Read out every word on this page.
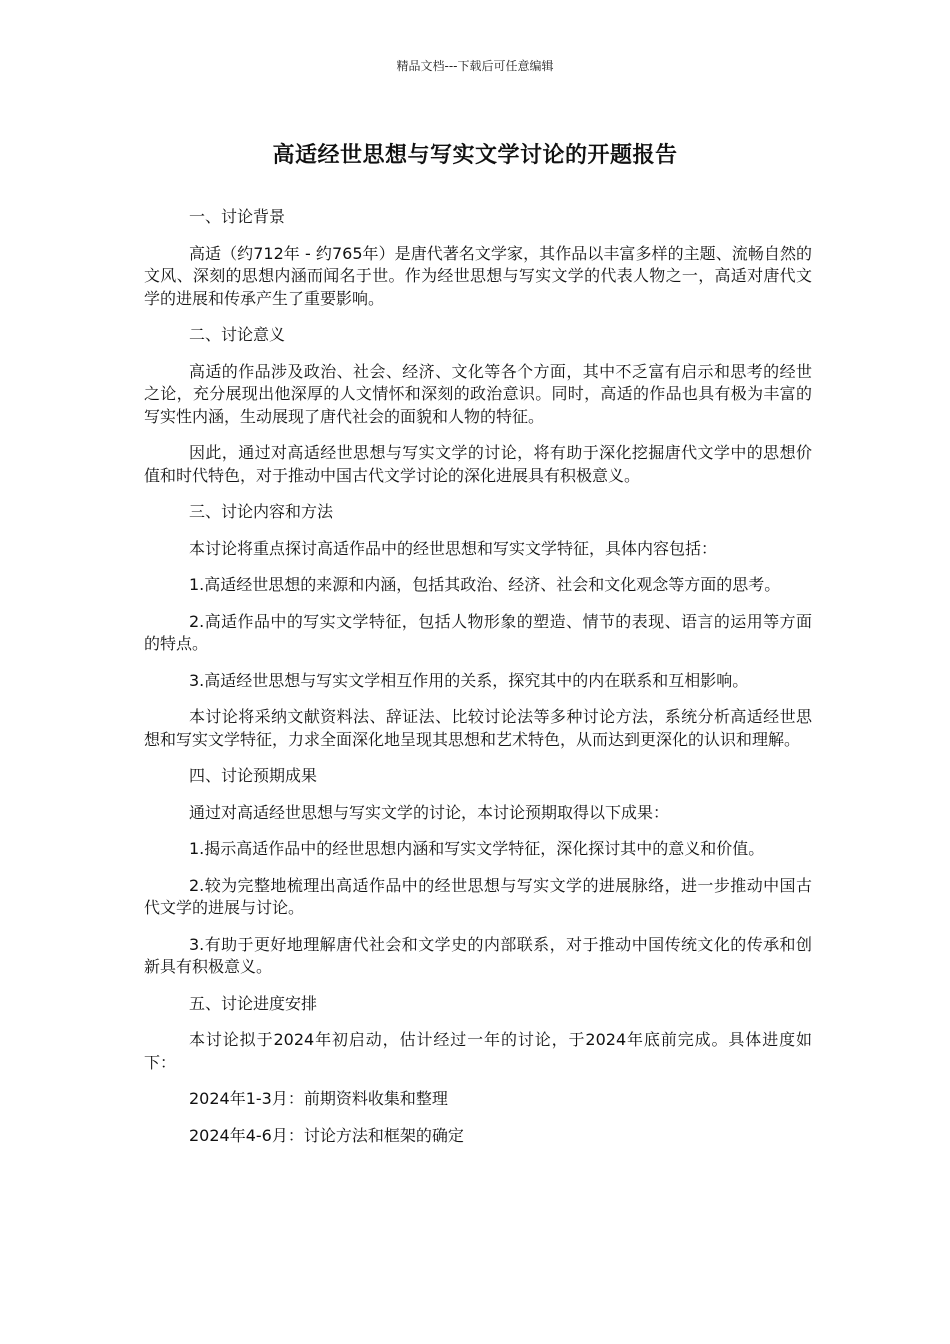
精品文档---下载后可任意编辑
高适经世思想与写实文学讨论的开题报告

一、讨论背景

高适（约712年 - 约765年）是唐代著名文学家，其作品以丰富多样的主题、流畅自然的文风、深刻的思想内涵而闻名于世。作为经世思想与写实文学的代表人物之一，高适对唐代文学的进展和传承产生了重要影响。

二、讨论意义

高适的作品涉及政治、社会、经济、文化等各个方面，其中不乏富有启示和思考的经世之论，充分展现出他深厚的人文情怀和深刻的政治意识。同时，高适的作品也具有极为丰富的写实性内涵，生动展现了唐代社会的面貌和人物的特征。

因此，通过对高适经世思想与写实文学的讨论，将有助于深化挖掘唐代文学中的思想价值和时代特色，对于推动中国古代文学讨论的深化进展具有积极意义。

三、讨论内容和方法

本讨论将重点探讨高适作品中的经世思想和写实文学特征，具体内容包括：

1.高适经世思想的来源和内涵，包括其政治、经济、社会和文化观念等方面的思考。

2.高适作品中的写实文学特征，包括人物形象的塑造、情节的表现、语言的运用等方面的特点。

3.高适经世思想与写实文学相互作用的关系，探究其中的内在联系和互相影响。

本讨论将采纳文献资料法、辞证法、比较讨论法等多种讨论方法，系统分析高适经世思想和写实文学特征，力求全面深化地呈现其思想和艺术特色，从而达到更深化的认识和理解。

四、讨论预期成果

通过对高适经世思想与写实文学的讨论，本讨论预期取得以下成果：

1.揭示高适作品中的经世思想内涵和写实文学特征，深化探讨其中的意义和价值。

2.较为完整地梳理出高适作品中的经世思想与写实文学的进展脉络，进一步推动中国古代文学的进展与讨论。

3.有助于更好地理解唐代社会和文学史的内部联系，对于推动中国传统文化的传承和创新具有积极意义。

五、讨论进度安排

本讨论拟于2024年初启动，估计经过一年的讨论，于2024年底前完成。具体进度如下：

2024年1-3月：前期资料收集和整理

2024年4-6月：讨论方法和框架的确定
